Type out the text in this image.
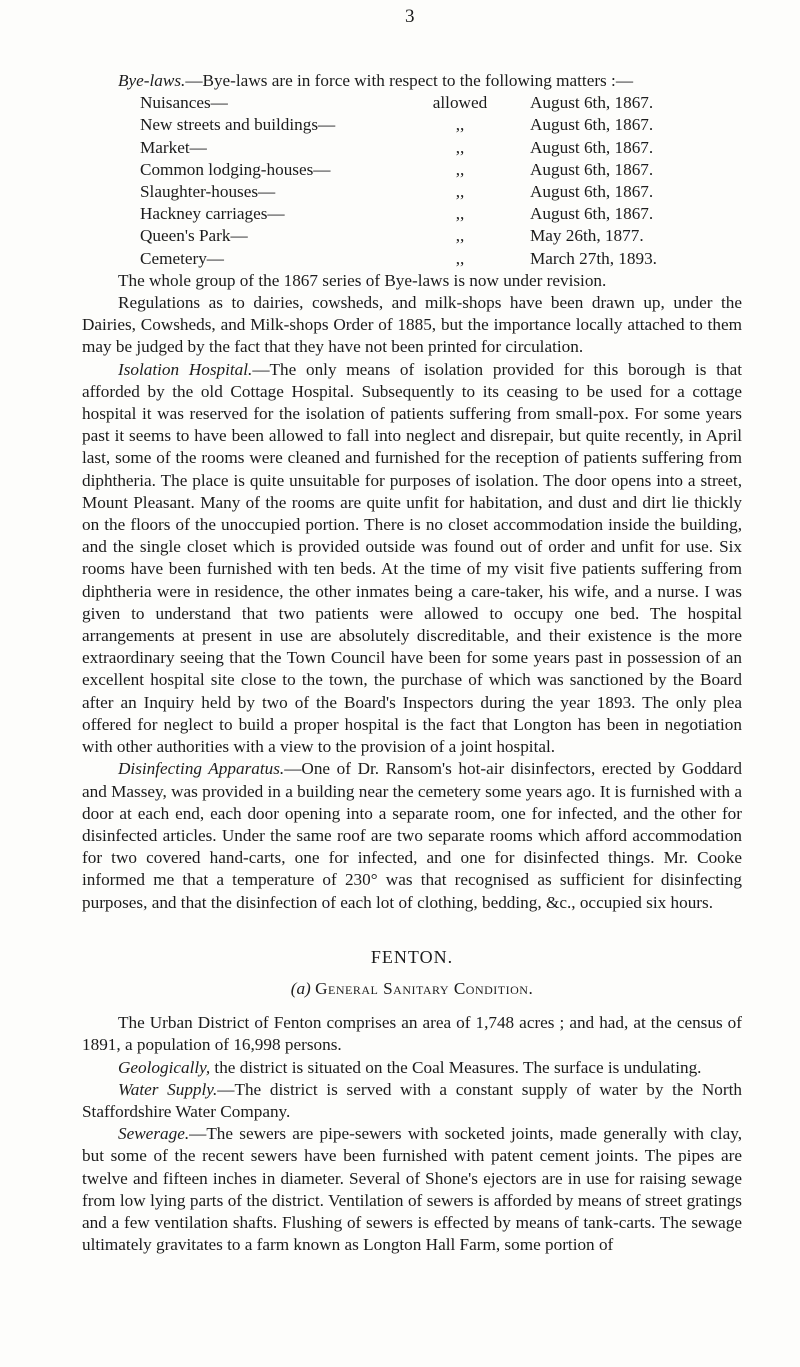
3

Bye-laws.—Bye-laws are in force with respect to the following matters :—

Nuisances—	allowed	August 6th, 1867.
New streets and buildings—	,,	August 6th, 1867.
Market—	,,	August 6th, 1867.
Common lodging-houses—	,,	August 6th, 1867.
Slaughter-houses—	,,	August 6th, 1867.
Hackney carriages—	,,	August 6th, 1867.
Queen's Park—	,,	May 26th, 1877.
Cemetery—	,,	March 27th, 1893.

The whole group of the 1867 series of Bye-laws is now under revision.

Regulations as to dairies, cowsheds, and milk-shops have been drawn up, under the Dairies, Cowsheds, and Milk-shops Order of 1885, but the importance locally attached to them may be judged by the fact that they have not been printed for circulation.

Isolation Hospital.—The only means of isolation provided for this borough is that afforded by the old Cottage Hospital. Subsequently to its ceasing to be used for a cottage hospital it was reserved for the isolation of patients suffering from small-pox. For some years past it seems to have been allowed to fall into neglect and disrepair, but quite recently, in April last, some of the rooms were cleaned and furnished for the reception of patients suffering from diphtheria. The place is quite unsuitable for purposes of isolation. The door opens into a street, Mount Pleasant. Many of the rooms are quite unfit for habitation, and dust and dirt lie thickly on the floors of the unoccupied portion. There is no closet accommodation inside the building, and the single closet which is provided outside was found out of order and unfit for use. Six rooms have been furnished with ten beds. At the time of my visit five patients suffering from diphtheria were in residence, the other inmates being a care-taker, his wife, and a nurse. I was given to understand that two patients were allowed to occupy one bed. The hospital arrangements at present in use are absolutely discreditable, and their existence is the more extraordinary seeing that the Town Council have been for some years past in possession of an excellent hospital site close to the town, the purchase of which was sanctioned by the Board after an Inquiry held by two of the Board's Inspectors during the year 1893. The only plea offered for neglect to build a proper hospital is the fact that Longton has been in negotiation with other authorities with a view to the provision of a joint hospital.

Disinfecting Apparatus.—One of Dr. Ransom's hot-air disinfectors, erected by Goddard and Massey, was provided in a building near the cemetery some years ago. It is furnished with a door at each end, each door opening into a separate room, one for infected, and the other for disinfected articles. Under the same roof are two separate rooms which afford accommodation for two covered hand-carts, one for infected, and one for disinfected things. Mr. Cooke informed me that a temperature of 230° was that recognised as sufficient for disinfecting purposes, and that the disinfection of each lot of clothing, bedding, &c., occupied six hours.

FENTON.
(a) General Sanitary Condition.

The Urban District of Fenton comprises an area of 1,748 acres ; and had, at the census of 1891, a population of 16,998 persons.

Geologically, the district is situated on the Coal Measures. The surface is undulating.

Water Supply.—The district is served with a constant supply of water by the North Staffordshire Water Company.

Sewerage.—The sewers are pipe-sewers with socketed joints, made generally with clay, but some of the recent sewers have been furnished with patent cement joints. The pipes are twelve and fifteen inches in diameter. Several of Shone's ejectors are in use for raising sewage from low lying parts of the district. Ventilation of sewers is afforded by means of street gratings and a few ventilation shafts. Flushing of sewers is effected by means of tank-carts. The sewage ultimately gravitates to a farm known as Longton Hall Farm, some portion of
